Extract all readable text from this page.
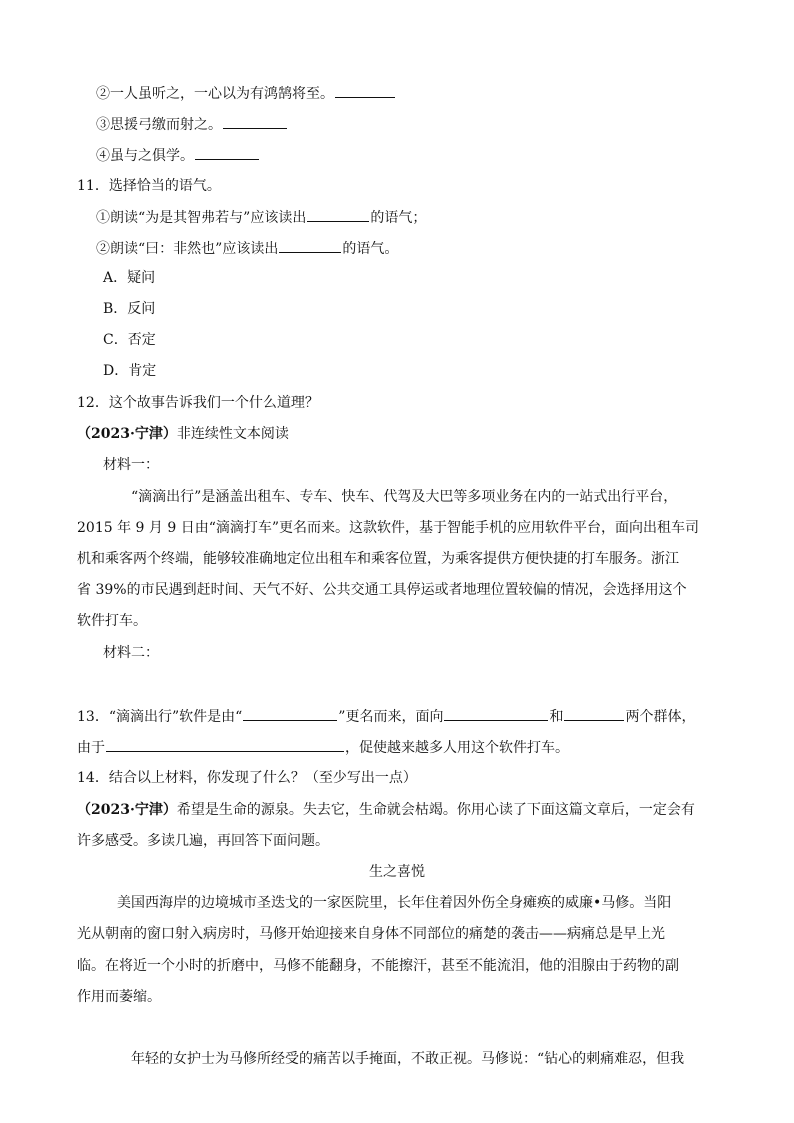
②一人虽听之，一心以为有鸿鹄将至。
③思援弓缴而射之。
④虽与之俱学。
11．选择恰当的语气。
①朗读“为是其智弗若与”应该读出	的语气；
②朗读“曰：非然也”应该读出	的语气。
A．疑问
B．反问
C．否定
D．肯定
12．这个故事告诉我们一个什么道理？
（2023·宁津）非连续性文本阅读
材料一：
“滴滴出行”是涵盖出租车、专车、快车、代驾及大巴等多项业务在内的一站式出行平台，
2015 年 9 月 9 日由“滴滴打车”更名而来。这款软件，基于智能手机的应用软件平台，面向出租车司
机和乘客两个终端，能够较准确地定位出租车和乘客位置，为乘客提供方便快捷的打车服务。浙江
省 39%的市民遇到赶时间、天气不好、公共交通工具停运或者地理位置较偏的情况，会选择用这个
软件打车。
材料二：
13．“滴滴出行”软件是由“	”更名而来，面向	和	两个群体，
由于	，促使越来越多人用这个软件打车。
14．结合以上材料，你发现了什么？（至少写出一点）
（2023·宁津）希望是生命的源泉。失去它，生命就会枯竭。你用心读了下面这篇文章后，一定会有
许多感受。多读几遍，再回答下面问题。
生之喜悦
美国西海岸的边境城市圣迭戈的一家医院里，长年住着因外伤全身瘫痪的威廉•马修。当阳
光从朝南的窗口射入病房时，马修开始迎接来自身体不同部位的痛楚的袭击——病痛总是早上光
临。在将近一个小时的折磨中，马修不能翻身，不能擦汗，甚至不能流泪，他的泪腺由于药物的副
作用而萎缩。
年轻的女护士为马修所经受的痛苦以手掩面，不敢正视。马修说：“钻心的刺痛难忍，但我
